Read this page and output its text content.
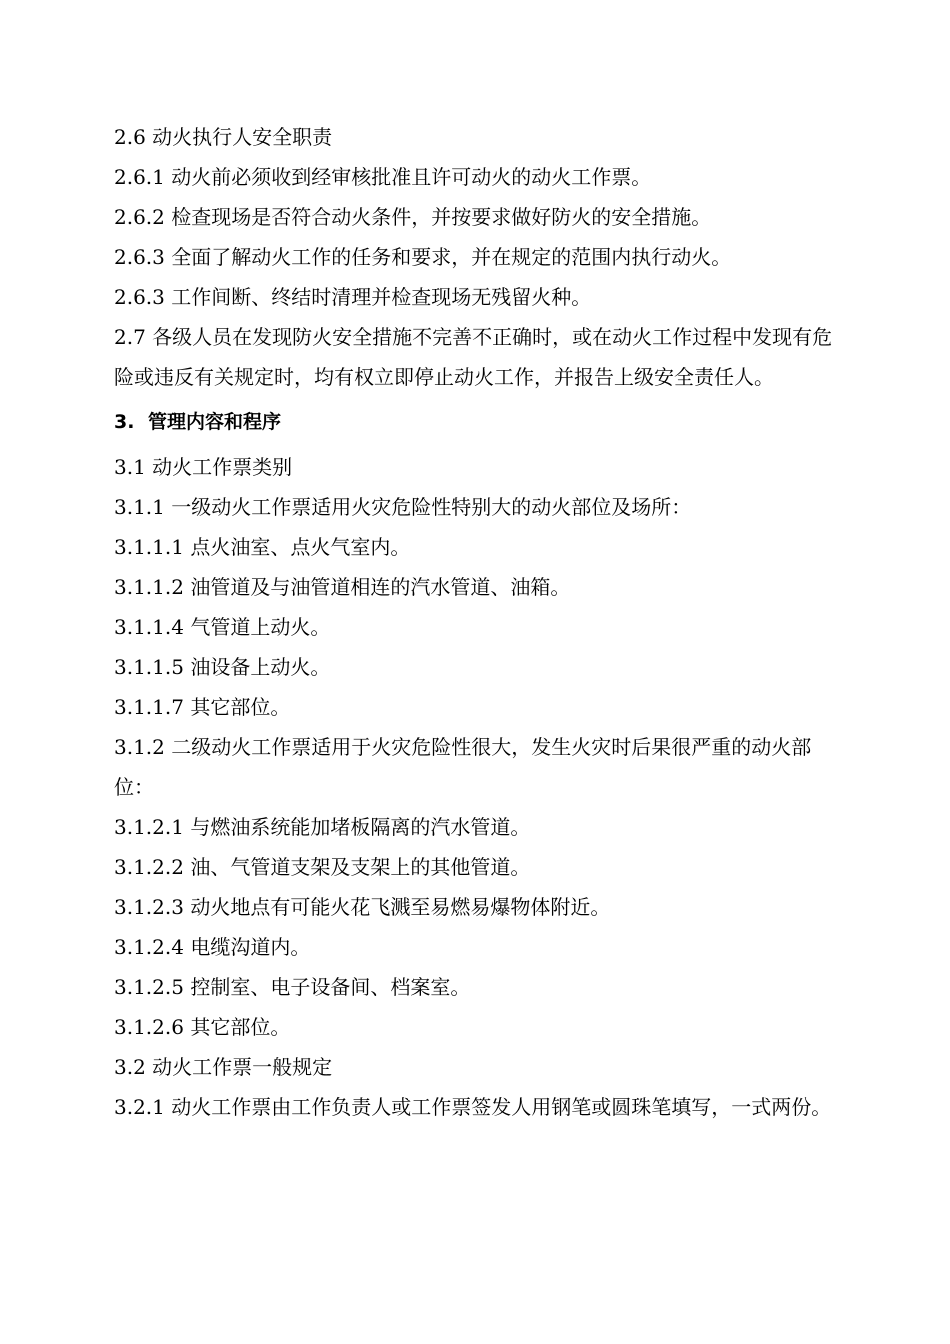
2.6 动火执行人安全职责

2.6.1 动火前必须收到经审核批准且许可动火的动火工作票。

2.6.2 检查现场是否符合动火条件，并按要求做好防火的安全措施。

2.6.3 全面了解动火工作的任务和要求，并在规定的范围内执行动火。

2.6.3 工作间断、终结时清理并检查现场无残留火种。

2.7 各级人员在发现防火安全措施不完善不正确时，或在动火工作过程中发现有危险或违反有关规定时，均有权立即停止动火工作，并报告上级安全责任人。

3. 管理内容和程序

3.1 动火工作票类别

3.1.1 一级动火工作票适用火灾危险性特别大的动火部位及场所：

3.1.1.1 点火油室、点火气室内。

3.1.1.2 油管道及与油管道相连的汽水管道、油箱。

3.1.1.4 气管道上动火。

3.1.1.5 油设备上动火。

3.1.1.7 其它部位。

3.1.2 二级动火工作票适用于火灾危险性很大，发生火灾时后果很严重的动火部位：

3.1.2.1 与燃油系统能加堵板隔离的汽水管道。

3.1.2.2 油、气管道支架及支架上的其他管道。

3.1.2.3 动火地点有可能火花飞溅至易燃易爆物体附近。

3.1.2.4 电缆沟道内。

3.1.2.5 控制室、电子设备间、档案室。

3.1.2.6 其它部位。

3.2 动火工作票一般规定

3.2.1 动火工作票由工作负责人或工作票签发人用钢笔或圆珠笔填写，一式两份。
